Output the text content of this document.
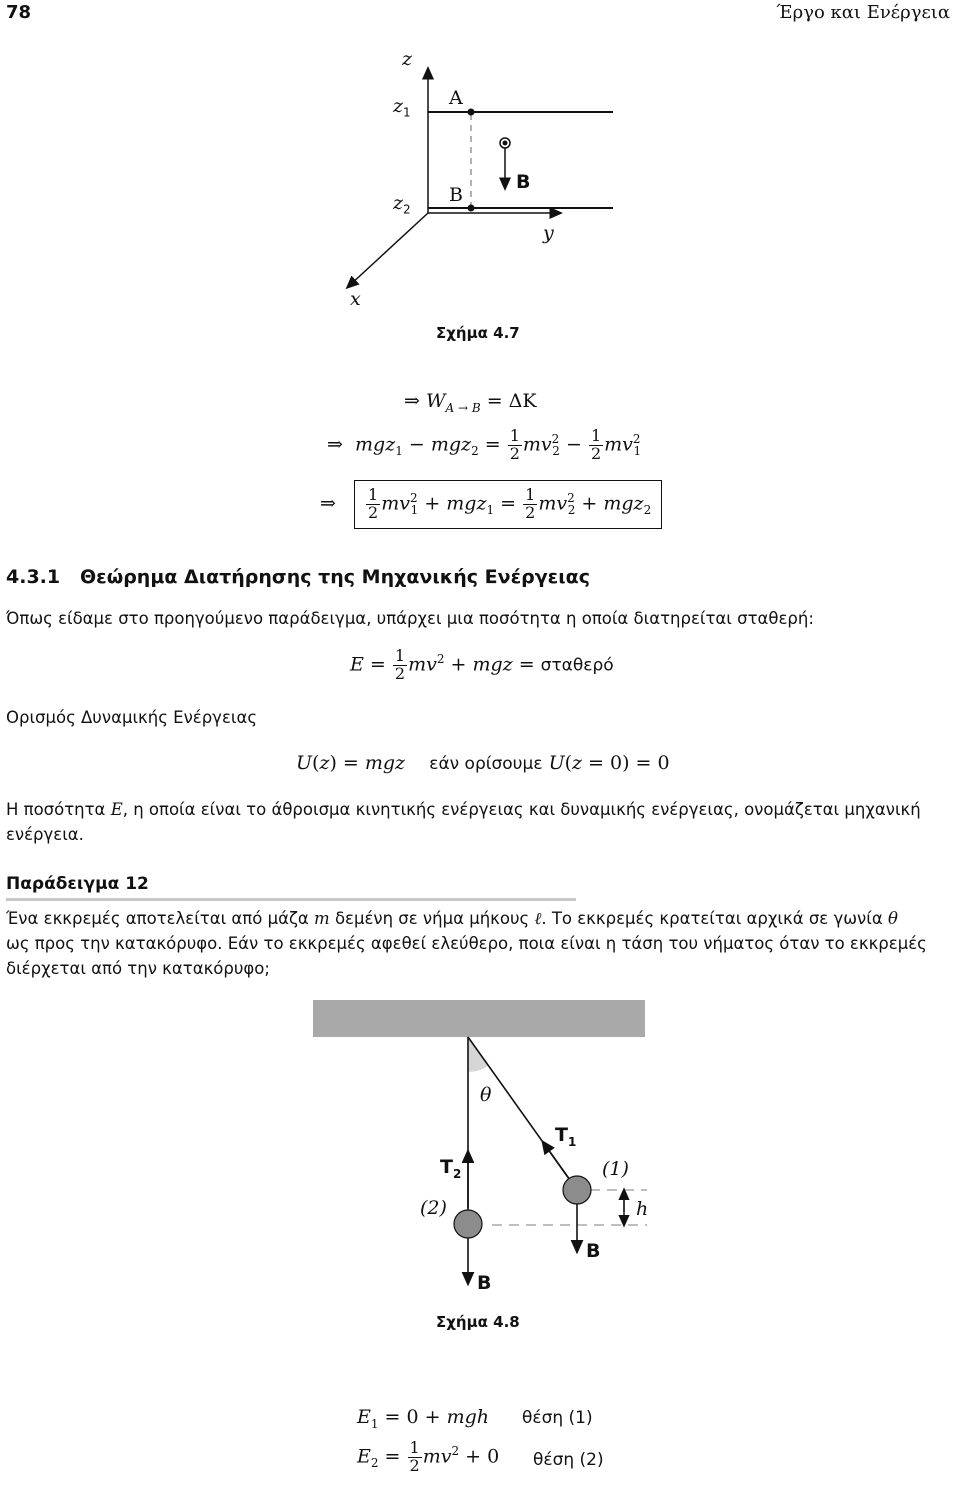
78	Έργο και Ενέργεια
z
y
x
$z_1$
$z_2$
A
B
B
Σχήμα 4.7
⇒ $W_{A \to B} = \Delta K$
⇒ $mgz_1 - mgz_2 = \frac{1}{2} mv^2_2 - \frac{1}{2} mv^2_1$
⇒ $\frac{1}{2} mv^2_1 + mgz_1 = \frac{1}{2} mv^2_2 + mgz_2$
4.3.1 Θεώρημα Διατήρησης της Μηχανικής Ενέργειας
Όπως είδαμε στο προηγούμενο παράδειγμα, υπάρχει μια ποσότητα η οποία διατηρείται σταθερή:
$E = \frac{1}{2} mv^2$ + mgz = σταθερό
Ορισμός Δυναμικής Ενέργειας
U(z) = mgz εάν ορίσουμε U(z = 0) = 0
Η ποσότητα E, η οποία είναι το άθροισμα κινητικής ενέργειας και δυναμικής ενέργειας, ονομάζεται μηχανική
ενέργεια.
Παράδειγμα 12
Ένα εκκρεμές αποτελείται από μάζα m δεμένη σε νήμα μήκους ℓ. Το εκκρεμές κρατείται αρχικά σε γωνία θ
ως προς την κατακόρυφο. Εάν το εκκρεμές αφεθεί ελεύθερο, ποια είναι η τάση του νήματος όταν το εκκρεμές
διέρχεται από την κατακόρυφο;
θ
$T_1$
$T_2$	(1)
(2)	h
B
B
Σχήμα 4.8
$E_1 = 0$ + mgh θέση (1)
$E_2 = \frac{1}{2} mv^2 + 0$ θέση (2)
